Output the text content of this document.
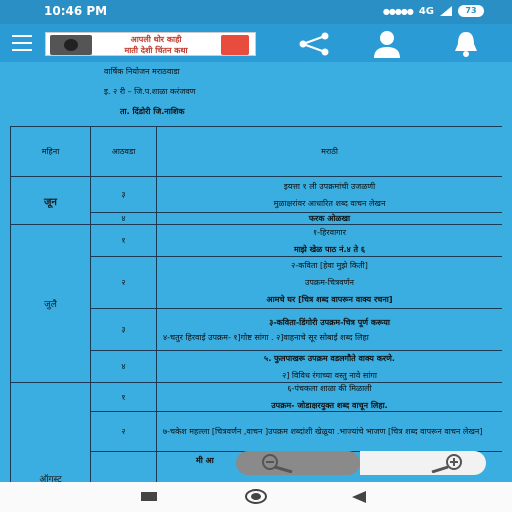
10:46 PM	●●●●● 4G	73
आपली थोर काही
माती देशी चिंतन कथा
वार्षिक नियोजन मराठवाडा
इ. २ री – जि.प.शाळा करंजवण
ता. दिंडोरी जि.नाशिक
महिना	आठवडा	मराठी
जून	३	इयत्ता १ ली उपक्रमांची उजळणी
मुळाक्षरांवर आधारित शब्द वाचन लेखन

	४	फरक ओळखा

जुलै	१	१-हिरवागार
माझे खेळ पाठ नं.४ ते ६

	२	२-कविता [हेवा मुझे किती]
उपक्रम-चित्रवर्णन
आमचे घर [चित्र शब्द वापरून वाक्य रचना]

	३	३-कविता-डिंगोरी उपक्रम-चित्र पूर्ण करूया
४-चतुर हिरवाई उपक्रम- १]गोष्ट सांगा . २]वाहनाचे सूर सोबाई शब्द लिहा

	४	५. फुलपाखरू उपक्रम वडलगौते वाक्य करणे.
२] विविध रंगाच्या वस्तु नावे सांगा

ऑगस्ट	१	६-पंचकला शाळा की मिळाली
उपक्रम- जोडाक्षरयुक्त शब्द वाचून लिहा.

	२	७-चकेश महल्ला [चित्रवर्णन ,वाचन ]उपक्रम शब्दांशी खेळूया .भाज्यांचे भाजण [चित्र शब्द वापरून वाचन लेखन]

मी आ
